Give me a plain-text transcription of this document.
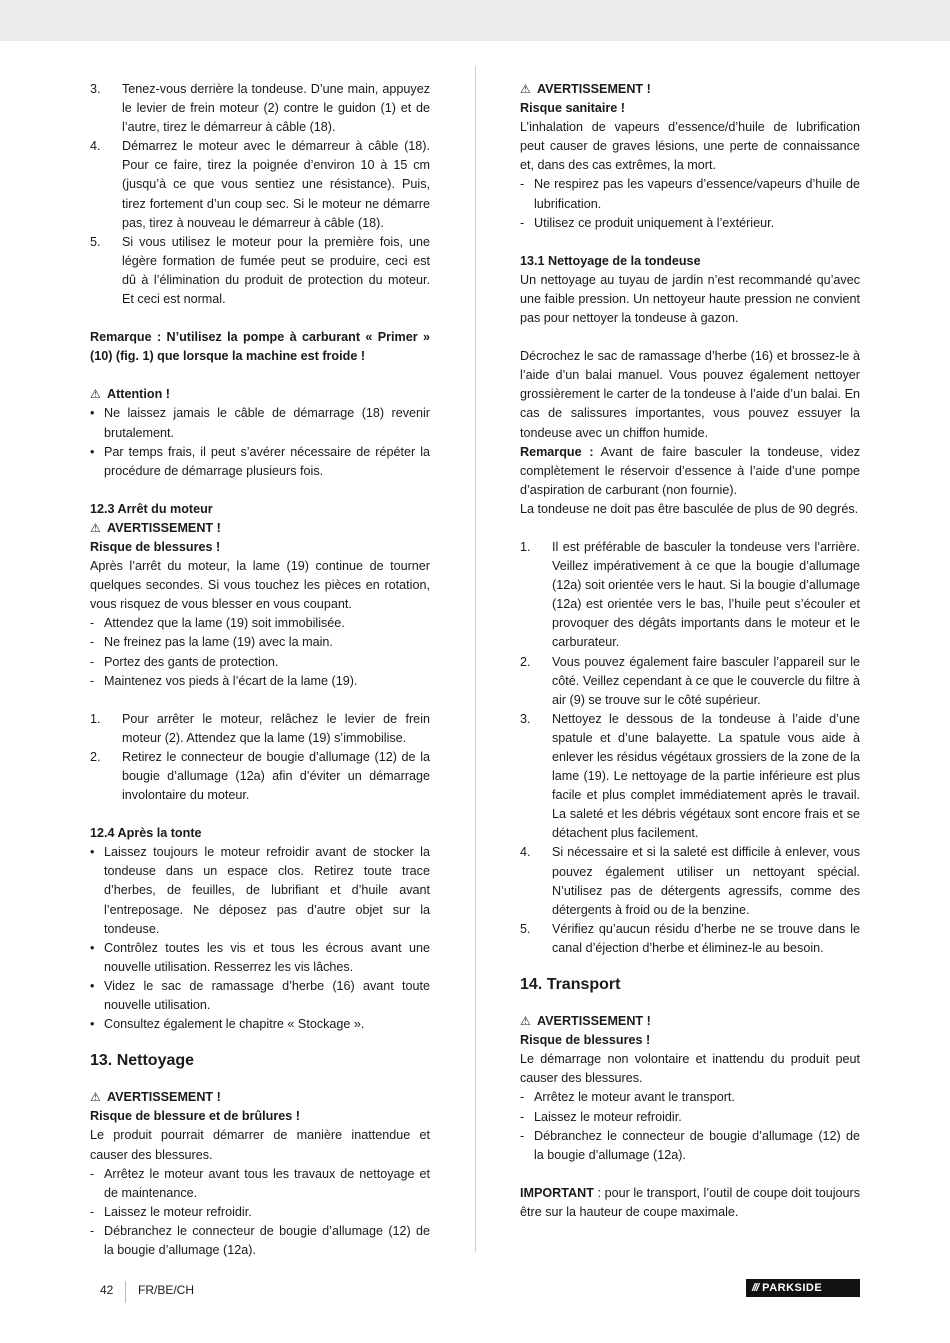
3. Tenez-vous derrière la tondeuse. D’une main, appuyez le levier de frein moteur (2) contre le guidon (1) et de l’autre, tirez le démarreur à câble (18).
4. Démarrez le moteur avec le démarreur à câble (18). Pour ce faire, tirez la poignée d’environ 10 à 15 cm (jusqu’à ce que vous sentiez une résistance). Puis, tirez fortement d’un coup sec. Si le moteur ne démarre pas, tirez à nouveau le démarreur à câble (18).
5. Si vous utilisez le moteur pour la première fois, une légère formation de fumée peut se produire, ceci est dû à l’élimination du produit de protection du moteur. Et ceci est normal.

Remarque : N’utilisez la pompe à carburant « Primer » (10) (fig. 1) que lorsque la machine est froide !

⚠ Attention !
• Ne laissez jamais le câble de démarrage (18) revenir brutalement.
• Par temps frais, il peut s’avérer nécessaire de répéter la procédure de démarrage plusieurs fois.
12.3 Arrêt du moteur
⚠ AVERTISSEMENT !
Risque de blessures !

Après l’arrêt du moteur, la lame (19) continue de tourner quelques secondes. Si vous touchez les pièces en rotation, vous risquez de vous blesser en vous coupant.

- Attendez que la lame (19) soit immobilisée.
- Ne freinez pas la lame (19) avec la main.
- Portez des gants de protection.
- Maintenez vos pieds à l’écart de la lame (19).
1. Pour arrêter le moteur, relâchez le levier de frein moteur (2). Attendez que la lame (19) s’immobilise.
2. Retirez le connecteur de bougie d’allumage (12) de la bougie d’allumage (12a) afin d’éviter un démarrage involontaire du moteur.
12.4 Après la tonte
• Laissez toujours le moteur refroidir avant de stocker la tondeuse dans un espace clos. Retirez toute trace d’herbes, de feuilles, de lubrifiant et d’huile avant l’entreposage. Ne déposez pas d’autre objet sur la tondeuse.
• Contrôlez toutes les vis et tous les écrous avant une nouvelle utilisation. Resserrez les vis lâches.
• Videz le sac de ramassage d’herbe (16) avant toute nouvelle utilisation.
• Consultez également le chapitre « Stockage ».
13. Nettoyage
⚠ AVERTISSEMENT !
Risque de blessure et de brûlures !

Le produit pourrait démarrer de manière inattendue et causer des blessures.

- Arrêtez le moteur avant tous les travaux de nettoyage et de maintenance.
- Laissez le moteur refroidir.
- Débranchez le connecteur de bougie d’allumage (12) de la bougie d’allumage (12a).
⚠ AVERTISSEMENT !
Risque sanitaire !

L’inhalation de vapeurs d’essence/d’huile de lubrification peut causer de graves lésions, une perte de connaissance et, dans des cas extrêmes, la mort.

- Ne respirez pas les vapeurs d’essence/vapeurs d’huile de lubrification.
- Utilisez ce produit uniquement à l’extérieur.
13.1 Nettoyage de la tondeuse

Un nettoyage au tuyau de jardin n’est recommandé qu’avec une faible pression. Un nettoyeur haute pression ne convient pas pour nettoyer la tondeuse à gazon.

Décrochez le sac de ramassage d’herbe (16) et brossez-le à l’aide d’un balai manuel. Vous pouvez également nettoyer grossièrement le carter de la tondeuse à l’aide d’un balai. En cas de salissures importantes, vous pouvez essuyer la tondeuse avec un chiffon humide.

Remarque : Avant de faire basculer la tondeuse, videz complètement le réservoir d’essence à l’aide d’une pompe d’aspiration de carburant (non fournie).

La tondeuse ne doit pas être basculée de plus de 90 degrés.

1. Il est préférable de basculer la tondeuse vers l’arrière. Veillez impérativement à ce que la bougie d’allumage (12a) soit orientée vers le haut. Si la bougie d’allumage (12a) est orientée vers le bas, l’huile peut s’écouler et provoquer des dégâts importants dans le moteur et le carburateur.
2. Vous pouvez également faire basculer l’appareil sur le côté. Veillez cependant à ce que le couvercle du filtre à air (9) se trouve sur le côté supérieur.
3. Nettoyez le dessous de la tondeuse à l’aide d’une spatule et d’une balayette. La spatule vous aide à enlever les résidus végétaux grossiers de la zone de la lame (19). Le nettoyage de la partie inférieure est plus facile et plus complet immédiatement après le travail. La saleté et les débris végétaux sont encore frais et se détachent plus facilement.
4. Si nécessaire et si la saleté est difficile à enlever, vous pouvez également utiliser un nettoyant spécial. N’utilisez pas de détergents agressifs, comme des détergents à froid ou de la benzine.
5. Vérifiez qu’aucun résidu d’herbe ne se trouve dans le canal d’éjection d’herbe et éliminez-le au besoin.
14. Transport
⚠ AVERTISSEMENT !
Risque de blessures !

Le démarrage non volontaire et inattendu du produit peut causer des blessures.

- Arrêtez le moteur avant le transport.
- Laissez le moteur refroidir.
- Débranchez le connecteur de bougie d’allumage (12) de la bougie d’allumage (12a).

IMPORTANT : pour le transport, l’outil de coupe doit toujours être sur la hauteur de coupe maximale.

42 FR/BE/CH	/// PARKSIDE
